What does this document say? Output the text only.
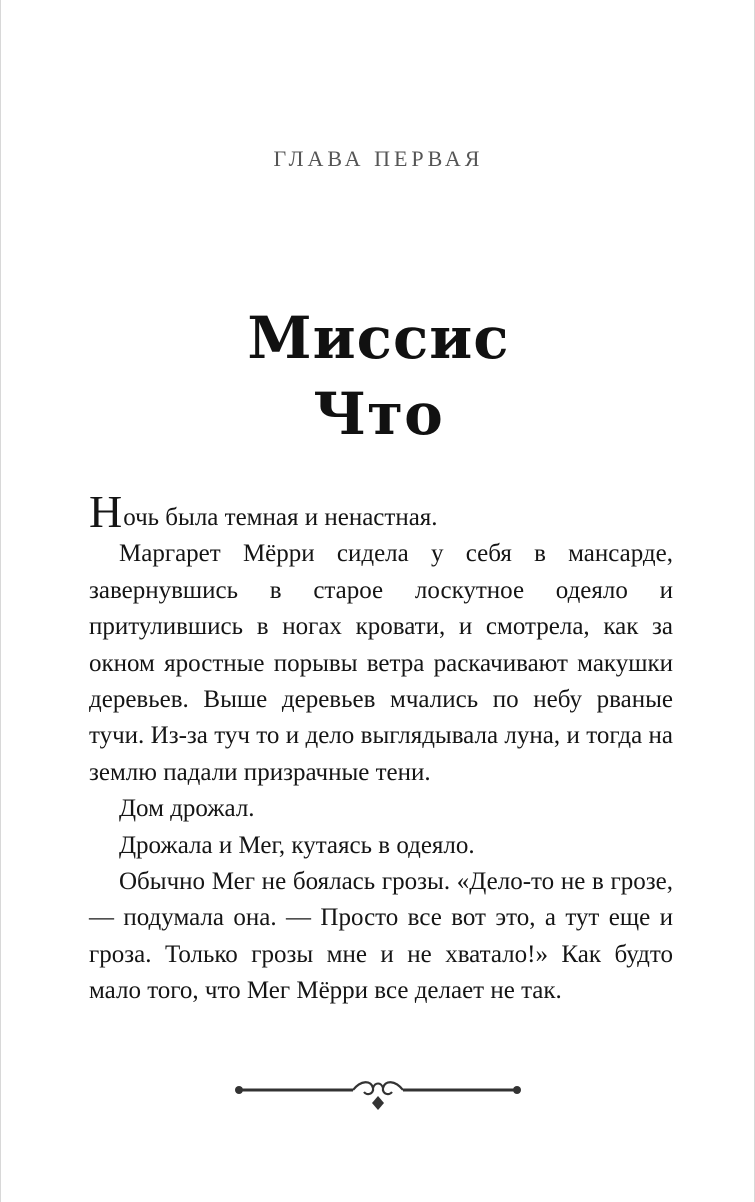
ГЛАВА ПЕРВАЯ
Миссис
Что

Ночь была темная и ненастная.

Маргарет Мёрри сидела у себя в мансарде, завернувшись в старое лоскутное одеяло и притулившись в ногах кровати, и смотрела, как за окном яростные порывы ветра раскачивают макушки деревьев. Выше деревьев мчались по небу рваные тучи. Из-за туч то и дело выглядывала луна, и тогда на землю падали призрачные тени.

Дом дрожал.

Дрожала и Мег, кутаясь в одеяло.

Обычно Мег не боялась грозы. «Дело-то не в грозе, — подумала она. — Просто все вот это, а тут еще и гроза. Только грозы мне и не хватало!» Как будто мало того, что Мег Мёрри все делает не так.
